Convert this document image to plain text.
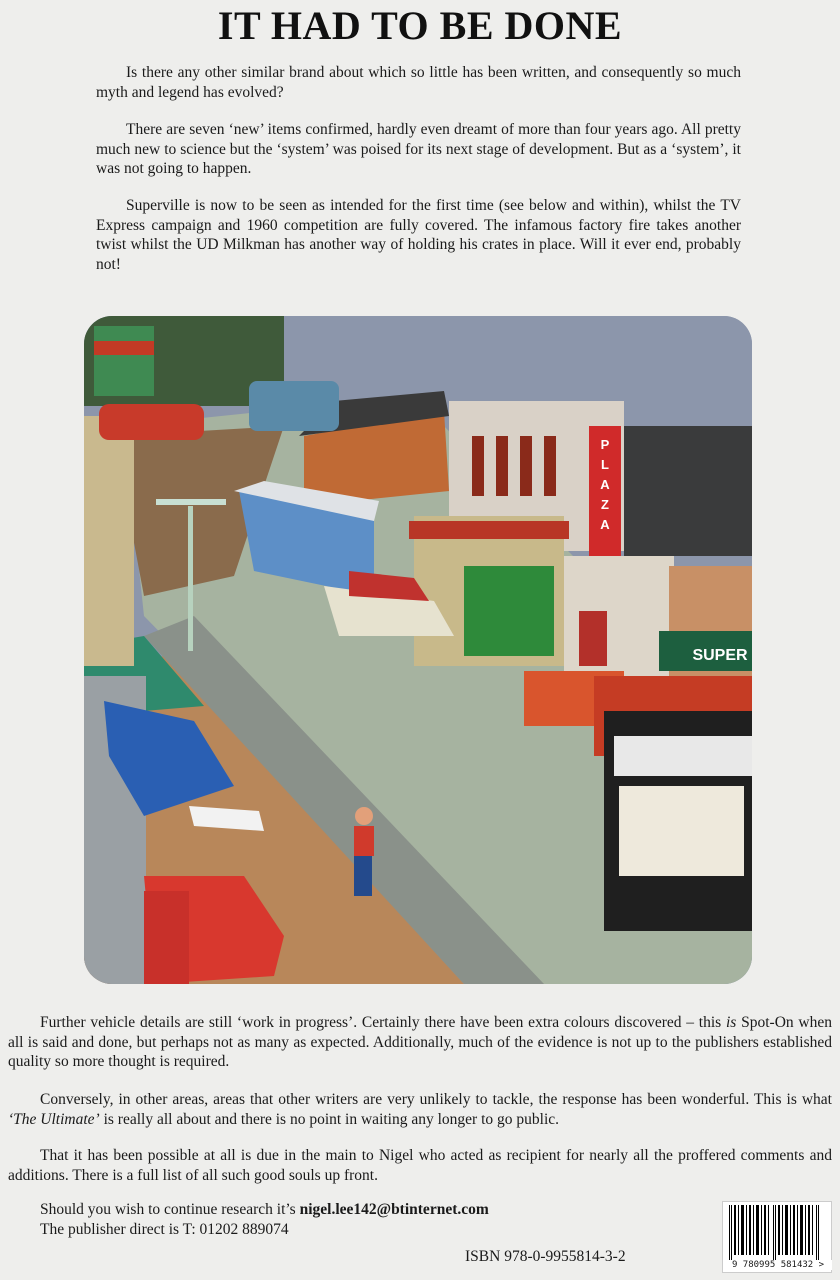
IT HAD TO BE DONE

Is there any other similar brand about which so little has been written, and consequently so much myth and legend has evolved?

There are seven ‘new’ items confirmed, hardly even dreamt of more than four years ago. All pretty much new to science but the ‘system’ was poised for its next stage of development. But as a ‘system’, it was not going to happen.

Superville is now to be seen as intended for the first time (see below and within), whilst the TV Express campaign and 1960 competition are fully covered. The infamous factory fire takes another twist whilst the UD Milkman has another way of holding his crates in place. Will it ever end, probably not!

P L A Z A
SUPER

Further vehicle details are still ‘work in progress’. Certainly there have been extra colours discovered – this is Spot-On when all is said and done, but perhaps not as many as expected. Additionally, much of the evidence is not up to the publishers established quality so more thought is required.

Conversely, in other areas, areas that other writers are very unlikely to tackle, the response has been wonderful. This is what ‘The Ultimate’ is really all about and there is no point in waiting any longer to go public.

That it has been possible at all is due in the main to Nigel who acted as recipient for nearly all the proffered comments and additions. There is a full list of all such good souls up front.

Should you wish to continue research it’s nigel.lee142@btinternet.com
The publisher direct is T: 01202 889074
ISBN 978-0-9955814-3-2	9 780995 581432 >
